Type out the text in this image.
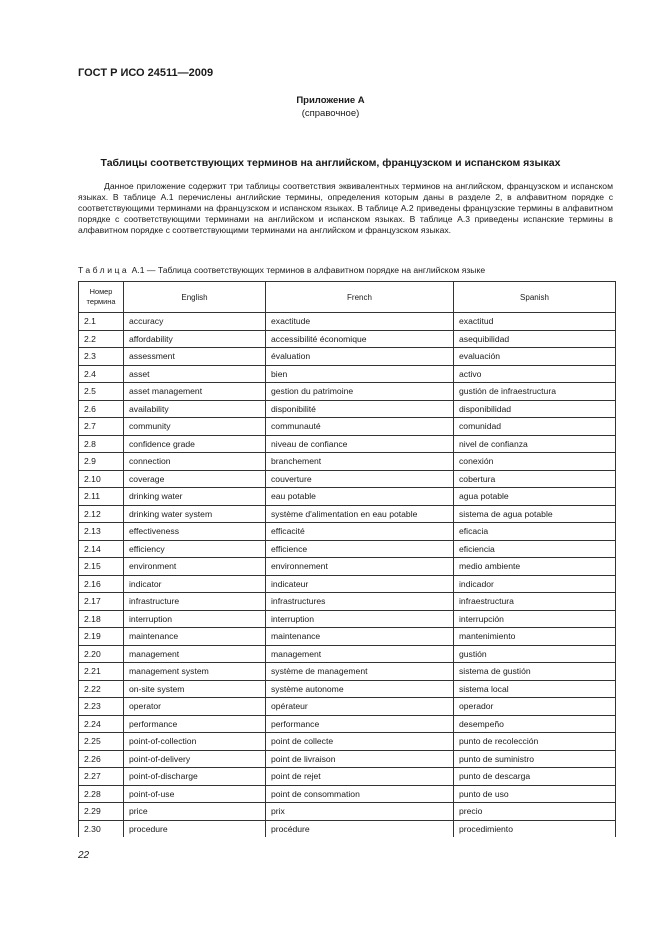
ГОСТ Р ИСО 24511—2009
Приложение А
(справочное)
Таблицы соответствующих терминов на английском, французском и испанском языках

Данное приложение содержит три таблицы соответствия эквивалентных терминов на английском, французском и испанском языках. В таблице А.1 перечислены английские термины, определения которым даны в разделе 2, в алфавитном порядке с соответствующими терминами на французском и испанском языках. В таблице А.2 приведены французские термины в алфавитном порядке с соответствующими терминами на английском и испанском языках. В таблице А.3 приведены испанские термины в алфавитном порядке с соответствующими терминами на английском и французском языках.

Таблица А.1 — Таблица соответствующих терминов в алфавитном порядке на английском языке
Номер
термина	English	French	Spanish
2.1	accuracy	exactitude	exactitud
2.2	affordability	accessibilité économique	asequibilidad
2.3	assessment	évaluation	evaluación
2.4	asset	bien	activo
2.5	asset management	gestion du patrimoine	gustión de infraestructura
2.6	availability	disponibilité	disponibilidad
2.7	community	communauté	comunidad
2.8	confidence grade	niveau de confiance	nivel de confianza
2.9	connection	branchement	conexión
2.10	coverage	couverture	cobertura
2.11	drinking water	eau potable	agua potable
2.12	drinking water system	système d'alimentation en eau potable	sistema de agua potable
2.13	effectiveness	efficacité	eficacia
2.14	efficiency	efficience	eficiencia
2.15	environment	environnement	medio ambiente
2.16	indicator	indicateur	indicador
2.17	infrastructure	infrastructures	infraestructura
2.18	interruption	interruption	interrupción
2.19	maintenance	maintenance	mantenimiento
2.20	management	management	gustión
2.21	management system	système de management	sistema de gustión
2.22	on-site system	système autonome	sistema local
2.23	operator	opérateur	operador
2.24	performance	performance	desempeño
2.25	point-of-collection	point de collecte	punto de recolección
2.26	point-of-delivery	point de livraison	punto de suministro
2.27	point-of-discharge	point de rejet	punto de descarga
2.28	point-of-use	point de consommation	punto de uso
2.29	price	prix	precio
2.30	procedure	procédure	procedimiento
22
